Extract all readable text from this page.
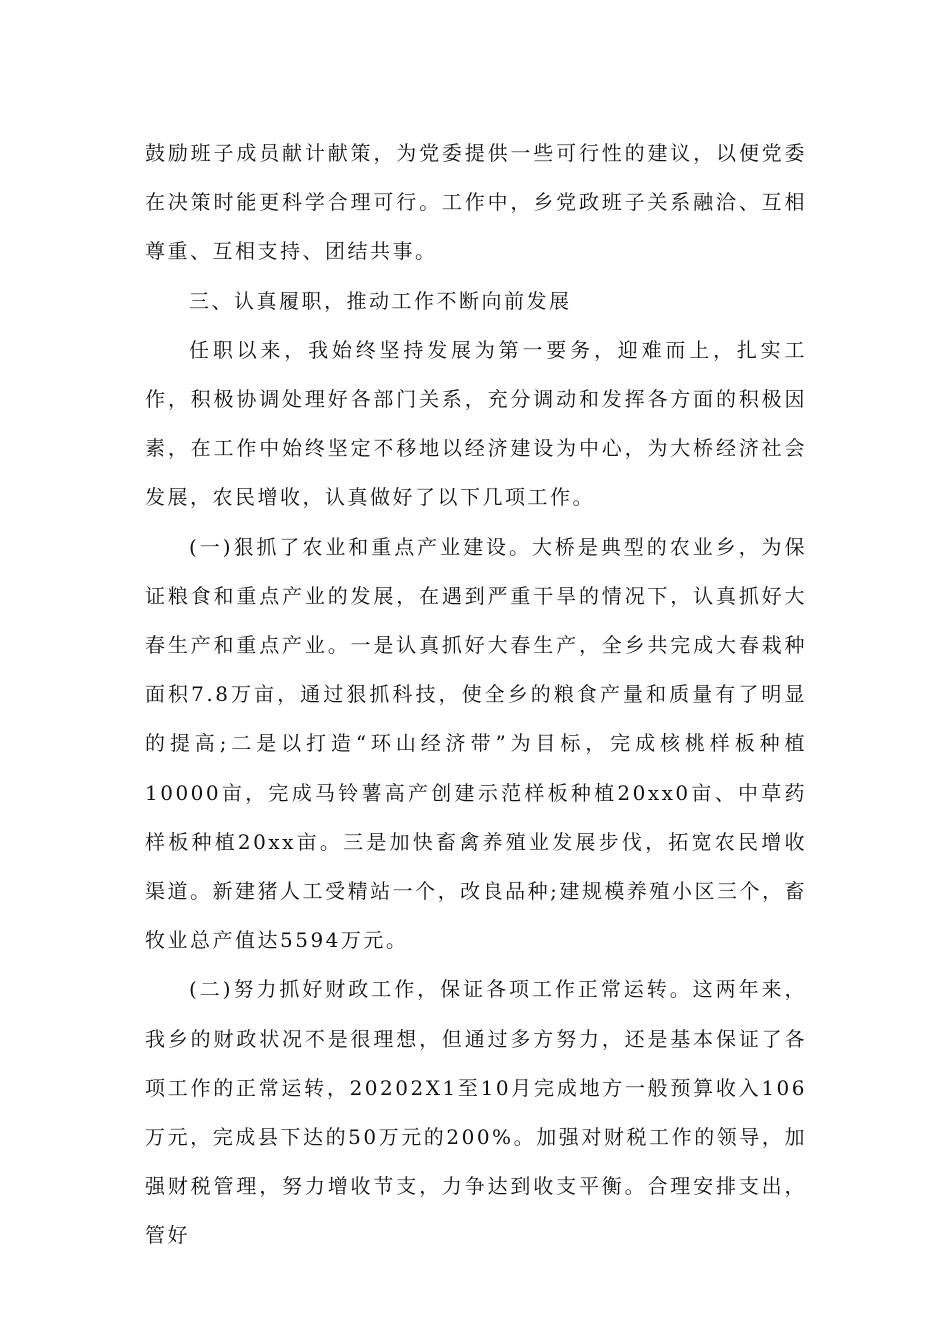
鼓励班子成员献计献策，为党委提供一些可行性的建议，以便党委在决策时能更科学合理可行。工作中，乡党政班子关系融洽、互相尊重、互相支持、团结共事。

三、认真履职，推动工作不断向前发展

任职以来，我始终坚持发展为第一要务，迎难而上，扎实工作，积极协调处理好各部门关系，充分调动和发挥各方面的积极因素，在工作中始终坚定不移地以经济建设为中心，为大桥经济社会发展，农民增收，认真做好了以下几项工作。

(一)狠抓了农业和重点产业建设。大桥是典型的农业乡，为保证粮食和重点产业的发展，在遇到严重干旱的情况下，认真抓好大春生产和重点产业。一是认真抓好大春生产，全乡共完成大春栽种面积7.8万亩，通过狠抓科技，使全乡的粮食产量和质量有了明显的提高;二是以打造“环山经济带”为目标，完成核桃样板种植10000亩，完成马铃薯高产创建示范样板种植20xx0亩、中草药样板种植20xx亩。三是加快畜禽养殖业发展步伐，拓宽农民增收渠道。新建猪人工受精站一个，改良品种;建规模养殖小区三个，畜牧业总产值达5594万元。

(二)努力抓好财政工作，保证各项工作正常运转。这两年来，我乡的财政状况不是很理想，但通过多方努力，还是基本保证了各项工作的正常运转，20202X1至10月完成地方一般预算收入106万元，完成县下达的50万元的200%。加强对财税工作的领导，加强财税管理，努力增收节支，力争达到收支平衡。合理安排支出，管好
